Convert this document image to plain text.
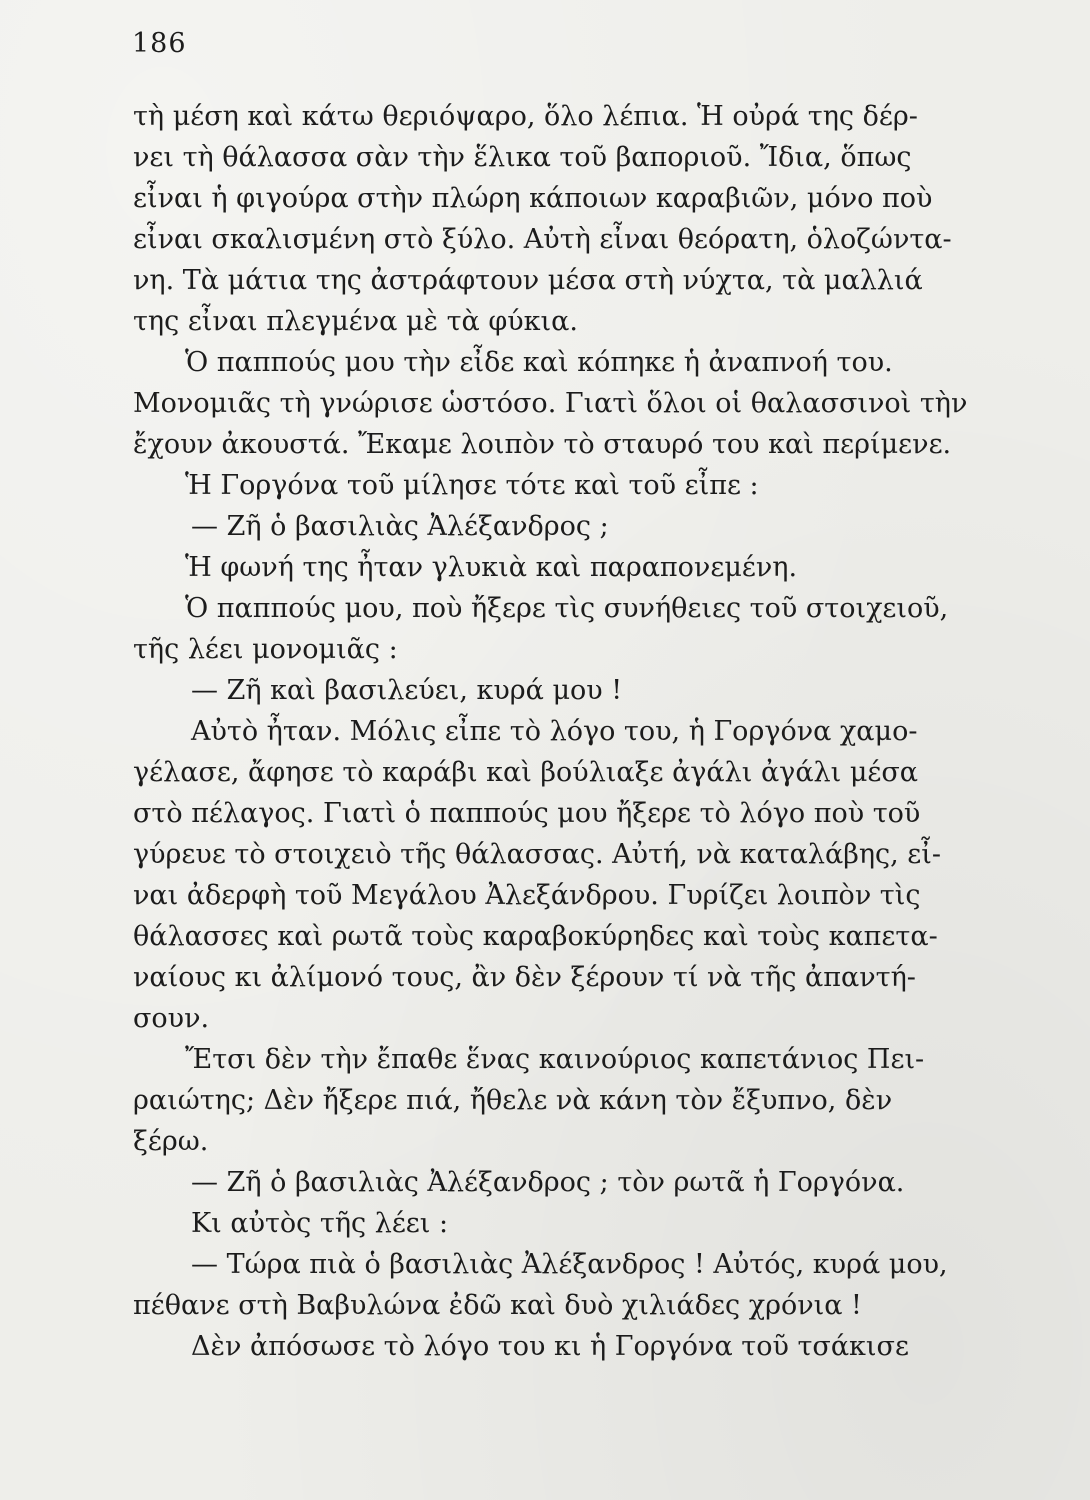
186
τὴ μέση καὶ κάτω θεριόψαρο, ὅλο λέπια. Ἡ οὐρά της δέρ-
νει τὴ θάλασσα σὰν τὴν ἕλικα τοῦ βαποριοῦ. Ἴδια, ὅπως
εἶναι ἡ φιγούρα στὴν πλώρη κάποιων καραβιῶν, μόνο ποὺ
εἶναι σκαλισμένη στὸ ξύλο. Αὐτὴ εἶναι θεόρατη, ὁλοζώντα-
νη. Τὰ μάτια της ἀστράφτουν μέσα στὴ νύχτα, τὰ μαλλιά
της εἶναι πλεγμένα μὲ τὰ φύκια.
Ὁ παππούς μου τὴν εἶδε καὶ κόπηκε ἡ ἀναπνοή του.
Μονομιᾶς τὴ γνώρισε ὡστόσο. Γιατὶ ὅλοι οἱ θαλασσινοὶ τὴν
ἔχουν ἀκουστά. Ἔκαμε λοιπὸν τὸ σταυρό του καὶ περίμενε.
Ἡ Γοργόνα τοῦ μίλησε τότε καὶ τοῦ εἶπε :
— Ζῆ ὁ βασιλιὰς Ἀλέξανδρος ;
Ἡ φωνή της ἦταν γλυκιὰ καὶ παραπονεμένη.
Ὁ παππούς μου, ποὺ ἤξερε τὶς συνήθειες τοῦ στοιχειοῦ,
τῆς λέει μονομιᾶς :
— Ζῆ καὶ βασιλεύει, κυρά μου !
Αὐτὸ ἦταν. Μόλις εἶπε τὸ λόγο του, ἡ Γοργόνα χαμο-
γέλασε, ἄφησε τὸ καράβι καὶ βούλιαξε ἀγάλι ἀγάλι μέσα
στὸ πέλαγος. Γιατὶ ὁ παππούς μου ἤξερε τὸ λόγο ποὺ τοῦ
γύρευε τὸ στοιχειὸ τῆς θάλασσας. Αὐτή, νὰ καταλάβης, εἶ-
ναι ἀδερφὴ τοῦ Μεγάλου Ἀλεξάνδρου. Γυρίζει λοιπὸν τὶς
θάλασσες καὶ ρωτᾶ τοὺς καραβοκύρηδες καὶ τοὺς καπετα-
ναίους κι ἀλίμονό τους, ἂν δὲν ξέρουν τί νὰ τῆς ἀπαντή-
σουν.
Ἔτσι δὲν τὴν ἔπαθε ἕνας καινούριος καπετάνιος Πει-
ραιώτης; Δὲν ἤξερε πιά, ἤθελε νὰ κάνη τὸν ἔξυπνο, δὲν
ξέρω.
— Ζῆ ὁ βασιλιὰς Ἀλέξανδρος ; τὸν ρωτᾶ ἡ Γοργόνα.
Κι αὐτὸς τῆς λέει :
— Τώρα πιὰ ὁ βασιλιὰς Ἀλέξανδρος ! Αὐτός, κυρά μου,
πέθανε στὴ Βαβυλώνα ἐδῶ καὶ δυὸ χιλιάδες χρόνια !
Δὲν ἀπόσωσε τὸ λόγο του κι ἡ Γοργόνα τοῦ τσάκισε
